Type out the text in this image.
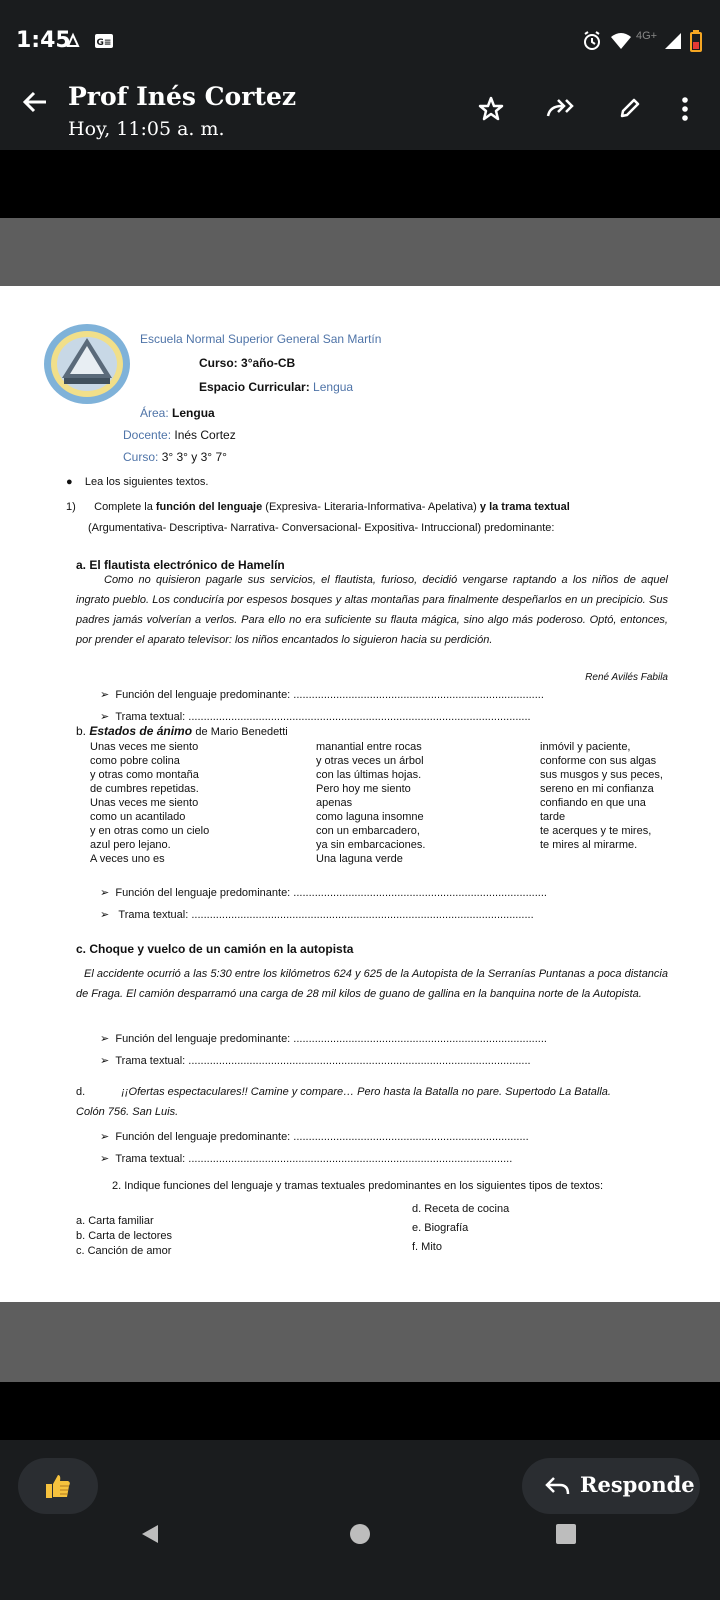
1:45	G≡
4G+
Prof Inés Cortez
Hoy, 11:05 a. m.
Escuela Normal Superior General San Martín
Curso: 3°año-CB
Espacio Curricular: Lengua
Área: Lengua
Docente: Inés Cortez
Curso: 3° 3° y 3° 7°
●    Lea los siguientes textos.
1) Complete la función del lenguaje (Expresiva- Literaria-Informativa- Apelativa) y la trama textual
(Argumentativa- Descriptiva- Narrativa- Conversacional- Expositiva- Intruccional) predominante:
a. El flautista electrónico de Hamelín
Como no quisieron pagarle sus servicios, el flautista, furioso, decidió vengarse raptando a los niños de aquel ingrato pueblo. Los conduciría por espesos bosques y altas montañas para finalmente despeñarlos en un precipicio. Sus padres jamás volverían a verlos. Para ello no era suficiente su flauta mágica, sino algo más poderoso. Optó, entonces, por prender el aparato televisor: los niños encantados lo siguieron hacia su perdición.
René Avilés Fabila
➢  Función del lenguaje predominante: ..................................................................................
➢  Trama textual: ................................................................................................................
b. Estados de ánimo de Mario Benedetti
Unas veces me siento
como pobre colina
y otras como montaña
de cumbres repetidas.
Unas veces me siento
como un acantilado
y en otras como un cielo
azul pero lejano.
A veces uno es
manantial entre rocas
y otras veces un árbol
con las últimas hojas.
Pero hoy me siento
apenas
como laguna insomne
con un embarcadero,
ya sin embarcaciones.
Una laguna verde
inmóvil y paciente,
conforme con sus algas
sus musgos y sus peces,
sereno en mi confianza
confiando en que una
tarde
te acerques y te mires,
te mires al mirarme.
➢  Función del lenguaje predominante: ...................................................................................
➢   Trama textual: ................................................................................................................
c. Choque y vuelco de un camión en la autopista
El accidente ocurrió a las 5:30 entre los kilómetros 624 y 625 de la Autopista de la Serranías Puntanas a poca distancia de Fraga. El camión desparramó una carga de 28 mil kilos de guano de gallina en la banquina norte de la Autopista.
➢  Función del lenguaje predominante: ...................................................................................
➢  Trama textual: ................................................................................................................
d.	¡¡Ofertas espectaculares!! Camine y compare… Pero hasta la Batalla no pare. Supertodo La Batalla.
Colón 756. San Luis.
➢  Función del lenguaje predominante: .............................................................................
➢  Trama textual: ..........................................................................................................
2. Indique funciones del lenguaje y tramas textuales predominantes en los siguientes tipos de textos:
a. Carta familiar
b. Carta de lectores
c. Canción de amor
d. Receta de cocina
e. Biografía
f. Mito
Responde
